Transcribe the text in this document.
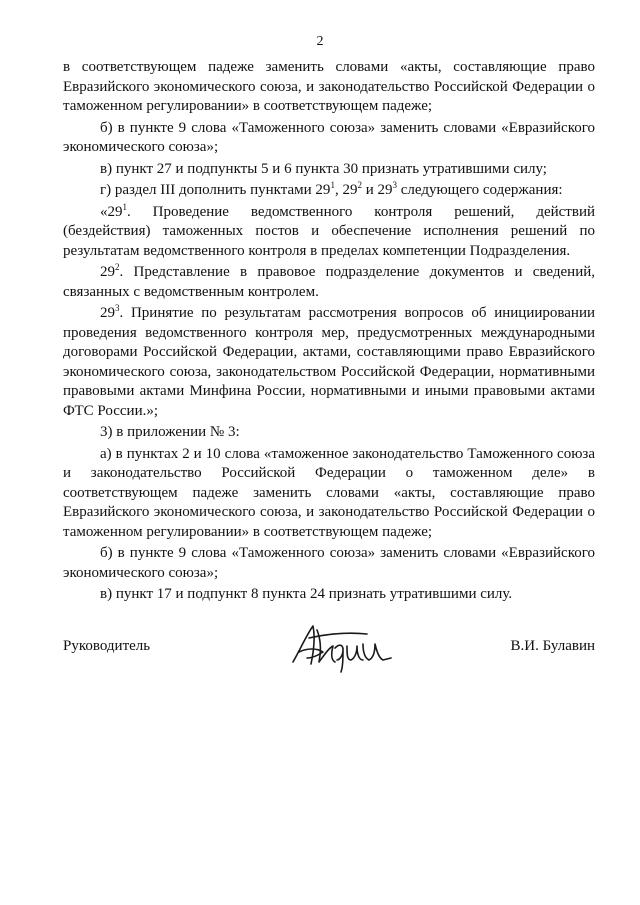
2

в соответствующем падеже заменить словами «акты, составляющие право Евразийского экономического союза, и законодательство Российской Федерации о таможенном регулировании» в соответствующем падеже;

б) в пункте 9 слова «Таможенного союза» заменить словами «Евразийского экономического союза»;

в) пункт 27 и подпункты 5 и 6 пункта 30 признать утратившими силу;

г) раздел III дополнить пунктами $29^1$, $29^2$ и $29^3$ следующего содержания:

«$29^1$. Проведение ведомственного контроля решений, действий (бездействия) таможенных постов и обеспечение исполнения решений по результатам ведомственного контроля в пределах компетенции Подразделения.

$29^2$. Представление в правовое подразделение документов и сведений, связанных с ведомственным контролем.

$29^3$. Принятие по результатам рассмотрения вопросов об инициировании проведения ведомственного контроля мер, предусмотренных международными договорами Российской Федерации, актами, составляющими право Евразийского экономического союза, законодательством Российской Федерации, нормативными правовыми актами Минфина России, нормативными и иными правовыми актами ФТС России.»;

3) в приложении № 3:

а) в пунктах 2 и 10 слова «таможенное законодательство Таможенного союза и законодательство Российской Федерации о таможенном деле» в соответствующем падеже заменить словами «акты, составляющие право Евразийского экономического союза, и законодательство Российской Федерации о таможенном регулировании» в соответствующем падеже;

б) в пункте 9 слова «Таможенного союза» заменить словами «Евразийского экономического союза»;

в) пункт 17 и подпункт 8 пункта 24 признать утратившими силу.

Руководитель	В.И. Булавин
